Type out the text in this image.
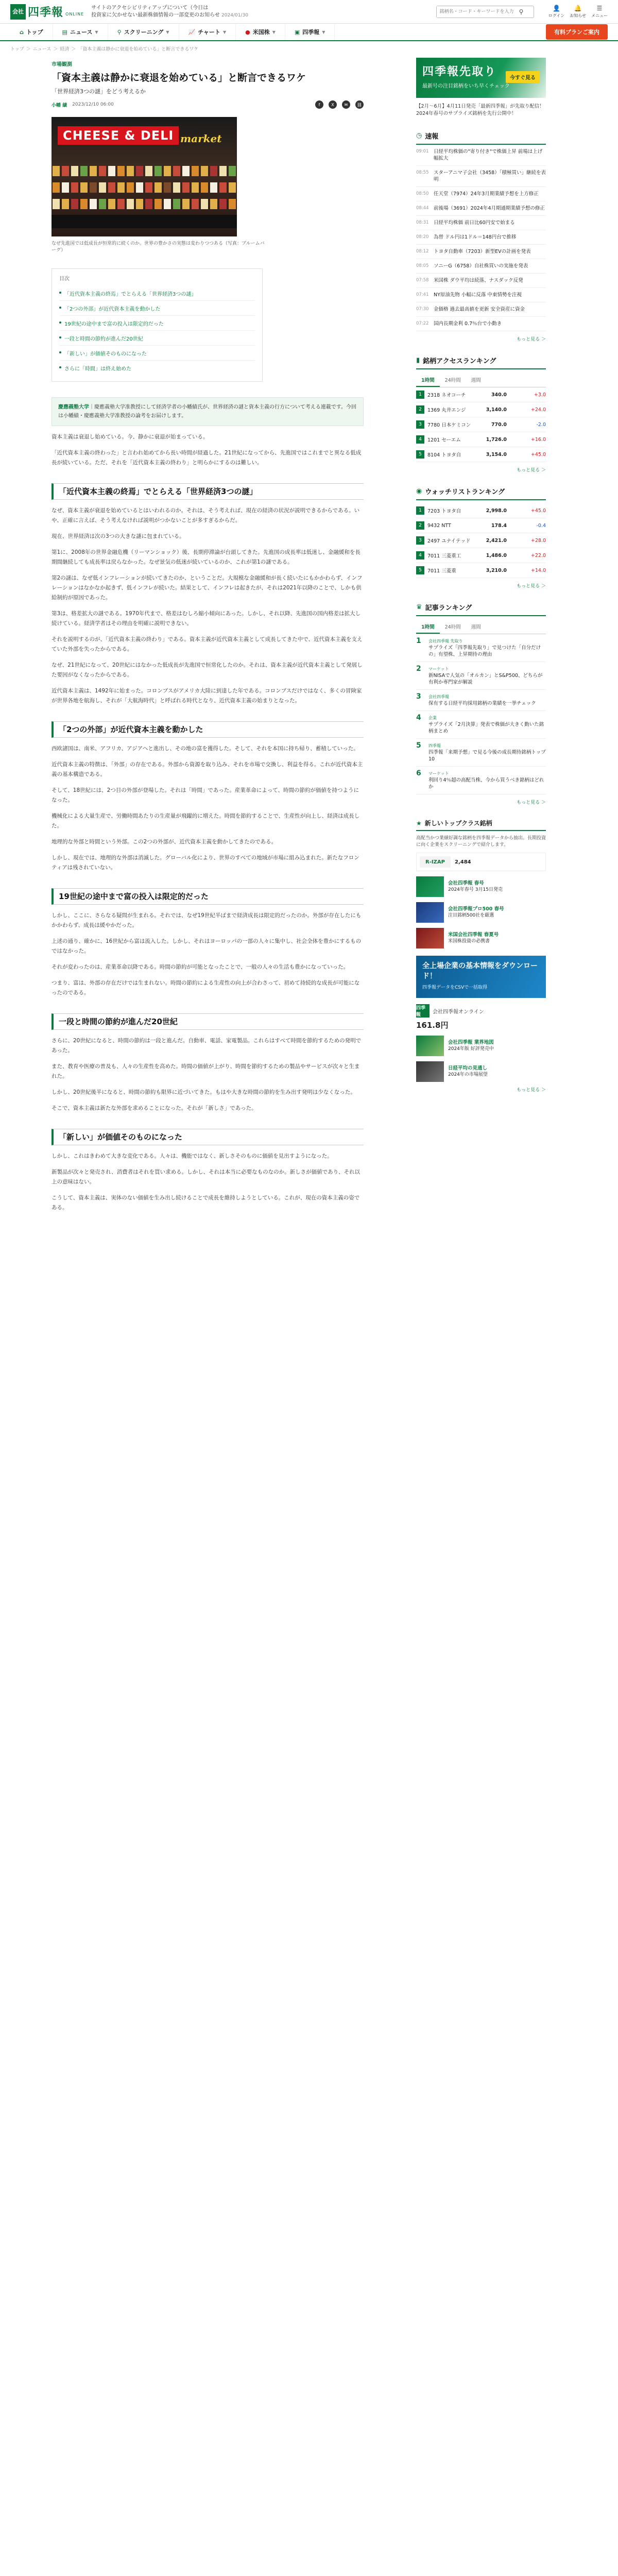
会社 四季報 ONLINE
サイトのアクセシビリティアップについて（今日は
投資家に欠かせない最新株価情報の一部変更のお知らせ 2024/01/30
銘柄名・コード・キーワードを入力	⚲	👤
ログイン
🔔
お知らせ
☰
メニュー
⌂ トップ	▤ ニュース ▼	⚲ スクリーニング ▼	📈 チャート ▼	● 米国株 ▼	▣ 四季報 ▼	有料プランご案内
トップ ＞ ニュース ＞ 経済 ＞ 「資本主義は静かに衰退を始めている」と断言できるワケ
市場観測
「資本主義は静かに衰退を始めている」と断言できるワケ
「世界経済3つの謎」をどう考えるか
小幡 績 2023/12/10 06:00	f	X	✉	⛓
CHEESE & DELI market
なぜ先進国では低成長が恒常的に続くのか。世界の豊かさの実態は変わりつつある（写真：ブルームバーグ）
目次
「近代資本主義の終焉」でとらえる「世界経済3つの謎」
「2つの外部」が近代資本主義を動かした
19世紀の途中まで富の投入は限定的だった
一段と時間の節約が進んだ20世紀
「新しい」が価値そのものになった
さらに「時間」は終え始めた
慶應義塾大学｜慶應義塾大学准教授にして経済学者の小幡績氏が、世界経済の謎と資本主義の行方について考える連載です。今回は小幡績・慶應義塾大学准教授の論考をお届けします。

資本主義は衰退し始めている。今、静かに衰退が始まっている。

「近代資本主義の終わった」と言われ始めてから長い時間が経過した。21世紀になってから、先進国ではこれまでと異なる低成長が続いている。ただ、それを「近代資本主義の終わり」と明らかにするのは難しい。

「近代資本主義の終焉」でとらえる「世界経済3つの謎」

なぜ、資本主義が衰退を始めているとはいわれるのか。それは、そう考えれば、現在の経済の状況が説明できるからである。いや、正確に言えば、そう考えなければ説明がつかないことが多すぎるからだ。

現在、世界経済は次の3つの大きな謎に包まれている。

第1に、2008年の世界金融危機（リーマンショック）後、長期停滞論が台頭してきた。先進国の成長率は低迷し、金融緩和を長期間継続しても成長率は戻らなかった。なぜ景気の低迷が続いているのか、これが第1の謎である。

第2の謎は、なぜ低インフレーションが続いてきたのか、ということだ。大規模な金融緩和が長く続いたにもかかわらず、インフレーションはなかなか起きず、低インフレが続いた。結果として、インフレは起きたが、それは2021年以降のことで、しかも供給制約が原因であった。

第3は、格差拡大の謎である。1970年代まで、格差はむしろ縮小傾向にあった。しかし、それ以降、先進国の国内格差は拡大し続けている。経済学者はその理由を明確に説明できない。

それを説明するのが、「近代資本主義の終わり」である。資本主義が近代資本主義として成長してきた中で、近代資本主義を支えていた外部を失ったからである。

なぜ、21世紀になって、20世紀にはなかった低成長が先進国で恒常化したのか。それは、資本主義が近代資本主義として発展した要因がなくなったからである。

近代資本主義は、1492年に始まった。コロンブスがアメリカ大陸に到達した年である。コロンブスだけではなく、多くの冒険家が世界各地を航海し、それが「大航海時代」と呼ばれる時代となり、近代資本主義の始まりとなった。

「2つの外部」が近代資本主義を動かした

西欧諸国は、南米、アフリカ、アジアへと進出し、その地の富を獲得した。そして、それを本国に持ち帰り、蓄積していった。

近代資本主義の特徴は、「外部」の存在である。外部から資源を取り込み、それを市場で交換し、利益を得る。これが近代資本主義の基本構造である。

そして、18世紀には、2つ目の外部が登場した。それは「時間」であった。産業革命によって、時間の節約が価値を持つようになった。

機械化による大量生産で、労働時間あたりの生産量が飛躍的に増えた。時間を節約することで、生産性が向上し、経済は成長した。

地理的な外部と時間という外部。この2つの外部が、近代資本主義を動かしてきたのである。

しかし、現在では、地理的な外部は消滅した。グローバル化により、世界のすべての地域が市場に組み込まれた。新たなフロンティアは残されていない。

19世紀の途中まで富の投入は限定的だった

しかし、ここに、さらなる疑問が生まれる。それでは、なぜ19世紀半ばまで経済成長は限定的だったのか。外部が存在したにもかかわらず、成長は緩やかだった。

上述の通り、確かに、16世紀から富は流入した。しかし、それはヨーロッパの一部の人々に集中し、社会全体を豊かにするものではなかった。

それが変わったのは、産業革命以降である。時間の節約が可能となったことで、一般の人々の生活も豊かになっていった。

つまり、富は、外部の存在だけでは生まれない。時間の節約による生産性の向上が合わさって、初めて持続的な成長が可能になったのである。

一段と時間の節約が進んだ20世紀

さらに、20世紀になると、時間の節約は一段と進んだ。自動車、電話、家電製品。これらはすべて時間を節約するための発明であった。

また、教育や医療の普及も、人々の生産性を高めた。時間の価値が上がり、時間を節約するための製品やサービスが次々と生まれた。

しかし、20世紀後半になると、時間の節約も限界に近づいてきた。もはや大きな時間の節約を生み出す発明は少なくなった。

そこで、資本主義は新たな外部を求めることになった。それが「新しさ」であった。

「新しい」が価値そのものになった

しかし、これはきわめて大きな変化である。人々は、機能ではなく、新しさそのものに価値を見出すようになった。

新製品が次々と発売され、消費者はそれを買い求める。しかし、それは本当に必要なものなのか。新しさが価値であり、それ以上の意味はない。

こうして、資本主義は、実体のない価値を生み出し続けることで成長を維持しようとしている。これが、現在の資本主義の姿である。

四季報先取り
最新号の注目銘柄をいち早くチェック
今すぐ見る
【2月～6月】4月11日発売「最新四季報」が先取り配信！
2024年春号のサプライズ銘柄を先行公開中！
◷ 速報
09:01 日経平均株価の"寄り付き"で株価上昇 前場は上げ幅拡大
08:55 スターアニマ子会社（3458）「積極買い」継続を表明
08:50 任天堂（7974）24年3月期業績予想を上方修正
08:44 前後場（3691）2024年4月期通期業績予想の修正
08:31 日経平均株価 前日比60円安で始まる
08:20 為替 ドル円は1ドル＝148円台で推移
08:12 トヨタ自動車（7203）新型EVの計画を発表
08:05 ソニーG（6758）自社株買いの実施を発表
07:58 米国株 ダウ平均は続落、ナスダック反発
07:41 NY原油先物 小幅に反落 中東情勢を注視
07:30 金価格 過去最高値を更新 安全資産に資金
07:22 国内長期金利 0.7％台で小動き
もっと見る ＞
▮ 銘柄アクセスランキング
1時間	24時間	週間
1	2318 ネオコーチ	340.0	+3.0
2	1369 丸井エンジ	3,140.0	+24.0
3	7780 日本ケミコン	770.0	-2.0
4	1201 セーエム	1,726.0	+16.0
5	8104 トヨタ自	3,154.0	+45.0
もっと見る ＞
◉ ウォッチリストランキング
1	7203 トヨタ自	2,998.0	+45.0
2	9432 NTT	178.4	-0.4
3	2497 ユナイテッド	2,421.0	+28.0
4	7011 三菱重工	1,486.0	+22.0
5	7011 三菱重	3,210.0	+14.0
もっと見る ＞
♛ 記事ランキング
1時間	24時間	週間
1	会社四季報 先取り
サプライズ「四季報先取り」で見つけた「自分だけの」有望株、上昇期待の理由
2	マーケット
新NISAで人気の「オルカン」とS&P500、どちらが有利か専門家が解説
3	会社四季報
保有する日経平均採用銘柄の業績を一挙チェック
4	企業
サプライズ「2月決算」発表で株価が大きく動いた銘柄まとめ
5	四季報
四季報「来期予想」で見る今後の成長期待銘柄トップ10
6	マーケット
利回り4％超の高配当株、今から買うべき銘柄はどれか
もっと見る ＞
★ 新しいトップクラス銘柄
高配当かつ業績好調な銘柄を四季報データから抽出。長期投資に向く企業をスクリーニングで紹介します。
R-IZAP	2,484
会社四季報 春号
2024年春号 3月15日発売
会社四季報プロ500 春号
注目銘柄500社を厳選
米国会社四季報 春夏号
米国株投資の必携書
全上場企業の基本情報をダウンロード！
四季報データをCSVで一括取得
四季報
会社四季報オンライン
161.8円
会社四季報 業界地図
2024年版 好評発売中
日経平均の見通し
2024年の市場展望
もっと見る ＞
